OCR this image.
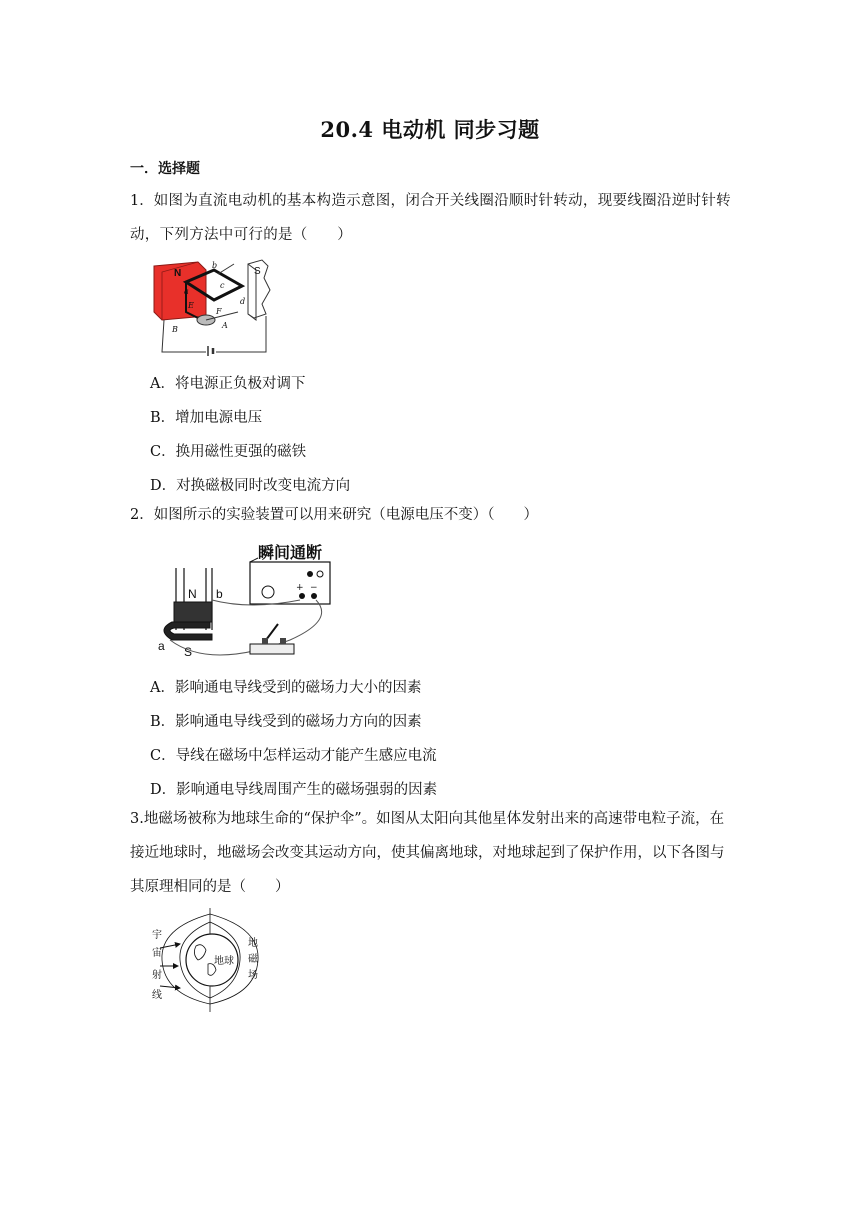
20.4 电动机 同步习题
一．选择题
1．如图为直流电动机的基本构造示意图，闭合开关线圈沿顺时针转动，现要线圈沿逆时针转动，下列方法中可行的是（　　）
N	S
a
b
c
d
E
F
A
B
A．将电源正负极对调下
B．增加电源电压
C．换用磁性更强的磁铁
D．对换磁极同时改变电流方向
2．如图所示的实验装置可以用来研究（电源电压不变）（　　）
瞬间通断
+ −
N
S
b
a
A．影响通电导线受到的磁场力大小的因素
B．影响通电导线受到的磁场力方向的因素
C．导线在磁场中怎样运动才能产生感应电流
D．影响通电导线周围产生的磁场强弱的因素
3.地磁场被称为地球生命的“保护伞”。如图从太阳向其他星体发射出来的高速带电粒子流，在接近地球时，地磁场会改变其运动方向，使其偏离地球，对地球起到了保护作用，以下各图与其原理相同的是（　　）
地球
宇
宙
射
线
地
磁
场
